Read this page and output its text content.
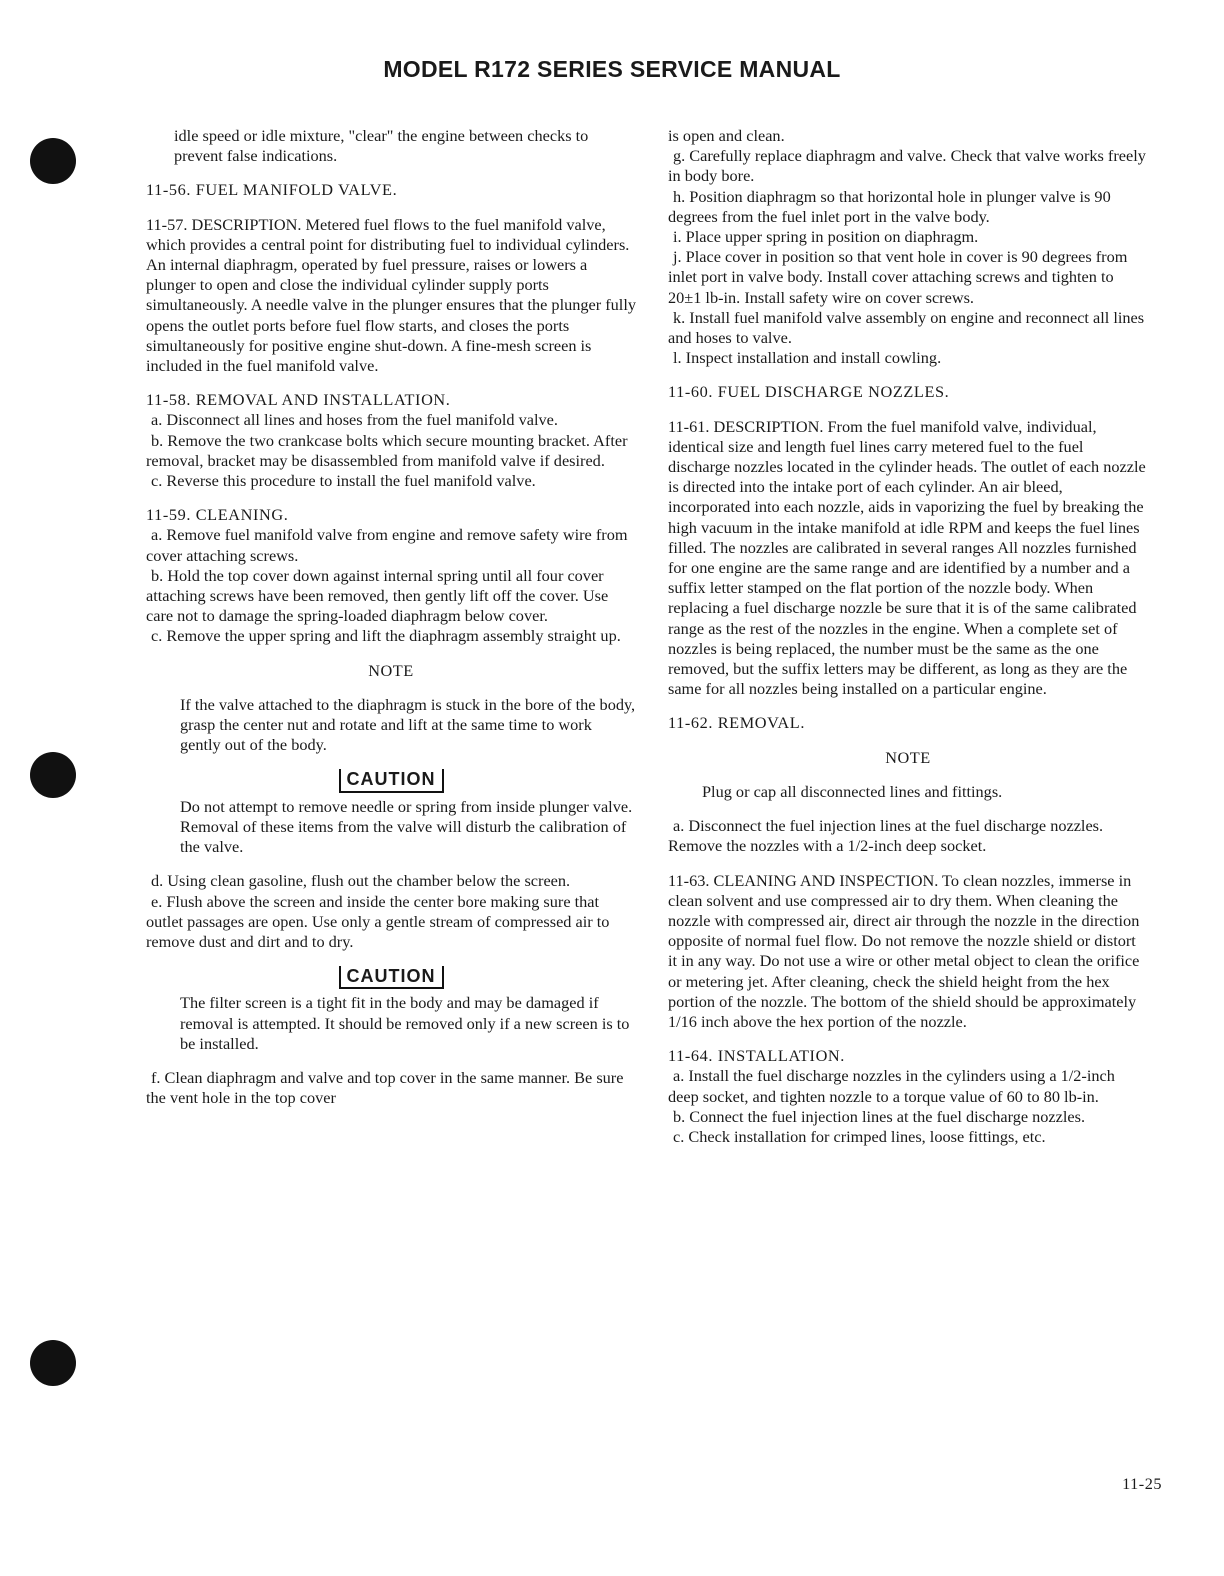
MODEL R172 SERIES SERVICE MANUAL

idle speed or idle mixture, "clear" the engine between checks to prevent false indications.

11-56. FUEL MANIFOLD VALVE.

11-57. DESCRIPTION. Metered fuel flows to the fuel manifold valve, which provides a central point for distributing fuel to individual cylinders. An internal diaphragm, operated by fuel pressure, raises or lowers a plunger to open and close the individual cylinder supply ports simultaneously. A needle valve in the plunger ensures that the plunger fully opens the outlet ports before fuel flow starts, and closes the ports simultaneously for positive engine shut-down. A fine-mesh screen is included in the fuel manifold valve.

11-58. REMOVAL AND INSTALLATION.

a. Disconnect all lines and hoses from the fuel manifold valve.

b. Remove the two crankcase bolts which secure mounting bracket. After removal, bracket may be disassembled from manifold valve if desired.

c. Reverse this procedure to install the fuel manifold valve.

11-59. CLEANING.

a. Remove fuel manifold valve from engine and remove safety wire from cover attaching screws.

b. Hold the top cover down against internal spring until all four cover attaching screws have been removed, then gently lift off the cover. Use care not to damage the spring-loaded diaphragm below cover.

c. Remove the upper spring and lift the diaphragm assembly straight up.

NOTE

If the valve attached to the diaphragm is stuck in the bore of the body, grasp the center nut and rotate and lift at the same time to work gently out of the body.

CAUTION

Do not attempt to remove needle or spring from inside plunger valve. Removal of these items from the valve will disturb the calibration of the valve.

d. Using clean gasoline, flush out the chamber below the screen.

e. Flush above the screen and inside the center bore making sure that outlet passages are open. Use only a gentle stream of compressed air to remove dust and dirt and to dry.

CAUTION

The filter screen is a tight fit in the body and may be damaged if removal is attempted. It should be removed only if a new screen is to be installed.

f. Clean diaphragm and valve and top cover in the same manner. Be sure the vent hole in the top cover

is open and clean.

g. Carefully replace diaphragm and valve. Check that valve works freely in body bore.

h. Position diaphragm so that horizontal hole in plunger valve is 90 degrees from the fuel inlet port in the valve body.

i. Place upper spring in position on diaphragm.

j. Place cover in position so that vent hole in cover is 90 degrees from inlet port in valve body. Install cover attaching screws and tighten to 20±1 lb-in. Install safety wire on cover screws.

k. Install fuel manifold valve assembly on engine and reconnect all lines and hoses to valve.

l. Inspect installation and install cowling.

11-60. FUEL DISCHARGE NOZZLES.

11-61. DESCRIPTION. From the fuel manifold valve, individual, identical size and length fuel lines carry metered fuel to the fuel discharge nozzles located in the cylinder heads. The outlet of each nozzle is directed into the intake port of each cylinder. An air bleed, incorporated into each nozzle, aids in vaporizing the fuel by breaking the high vacuum in the intake manifold at idle RPM and keeps the fuel lines filled. The nozzles are calibrated in several ranges All nozzles furnished for one engine are the same range and are identified by a number and a suffix letter stamped on the flat portion of the nozzle body. When replacing a fuel discharge nozzle be sure that it is of the same calibrated range as the rest of the nozzles in the engine. When a complete set of nozzles is being replaced, the number must be the same as the one removed, but the suffix letters may be different, as long as they are the same for all nozzles being installed on a particular engine.

11-62. REMOVAL.

NOTE

Plug or cap all disconnected lines and fittings.

a. Disconnect the fuel injection lines at the fuel discharge nozzles. Remove the nozzles with a 1/2-inch deep socket.

11-63. CLEANING AND INSPECTION. To clean nozzles, immerse in clean solvent and use compressed air to dry them. When cleaning the nozzle with compressed air, direct air through the nozzle in the direction opposite of normal fuel flow. Do not remove the nozzle shield or distort it in any way. Do not use a wire or other metal object to clean the orifice or metering jet. After cleaning, check the shield height from the hex portion of the nozzle. The bottom of the shield should be approximately 1/16 inch above the hex portion of the nozzle.

11-64. INSTALLATION.

a. Install the fuel discharge nozzles in the cylinders using a 1/2-inch deep socket, and tighten nozzle to a torque value of 60 to 80 lb-in.

b. Connect the fuel injection lines at the fuel discharge nozzles.

c. Check installation for crimped lines, loose fittings, etc.

11-25
